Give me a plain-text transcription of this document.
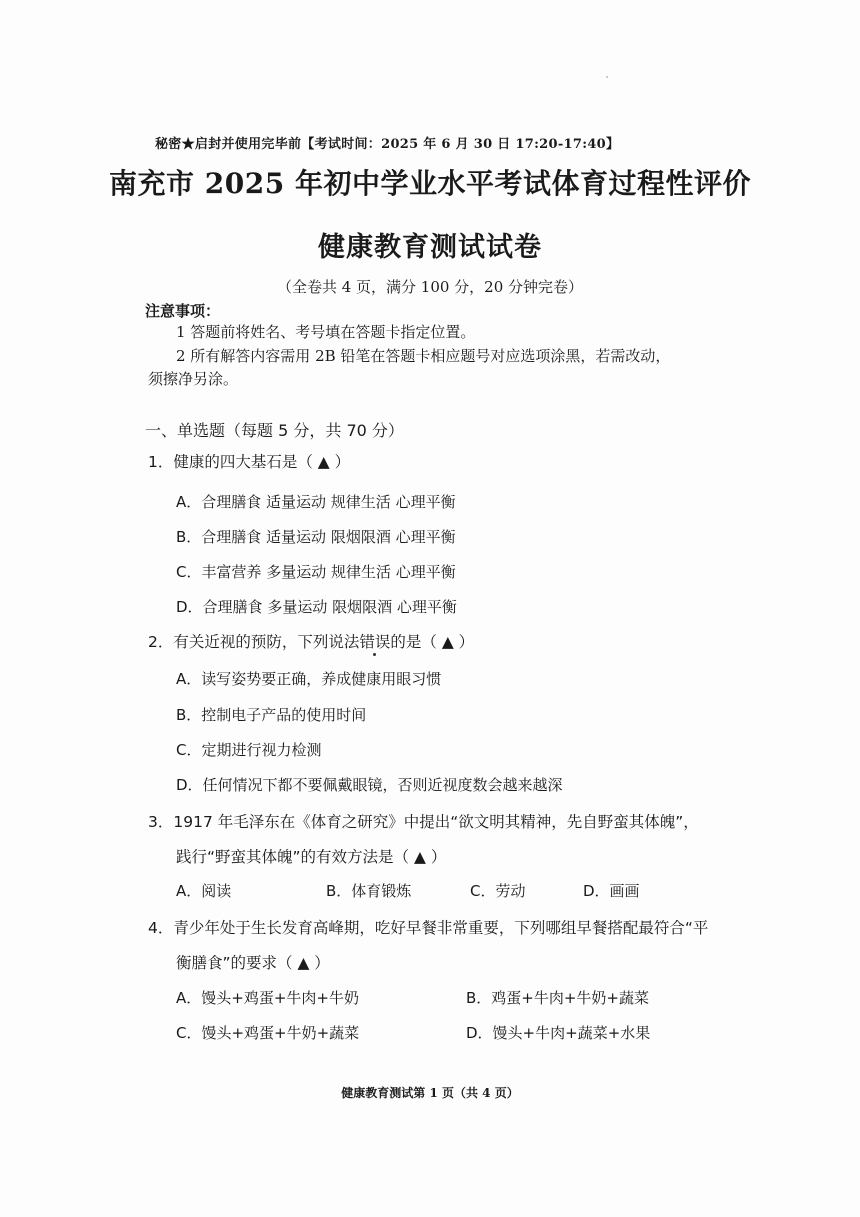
秘密★启封并使用完毕前【考试时间：2025 年 6 月 30 日 17:20-17:40】
南充市 2025 年初中学业水平考试体育过程性评价
健康教育测试试卷
（全卷共 4 页，满分 100 分，20 分钟完卷）
注意事项：
1 答题前将姓名、考号填在答题卡指定位置。
2 所有解答内容需用 2B 铅笔在答题卡相应题号对应选项涂黑，若需改动，
须擦净另涂。
一、单选题（每题 5 分，共 70 分）
1．健康的四大基石是（ ▲ ）
A．合理膳食 适量运动 规律生活 心理平衡
B．合理膳食 适量运动 限烟限酒 心理平衡
C．丰富营养 多量运动 规律生活 心理平衡
D．合理膳食 多量运动 限烟限酒 心理平衡
2．有关近视的预防，下列说法错误的是（ ▲ ）
A．读写姿势要正确，养成健康用眼习惯
B．控制电子产品的使用时间
C．定期进行视力检测
D．任何情况下都不要佩戴眼镜，否则近视度数会越来越深
3．1917 年毛泽东在《体育之研究》中提出“欲文明其精神，先自野蛮其体魄”，
践行“野蛮其体魄”的有效方法是（ ▲ ）
A．阅读	B．体育锻炼	C．劳动	D．画画
4．青少年处于生长发育高峰期，吃好早餐非常重要，下列哪组早餐搭配最符合“平
衡膳食”的要求（ ▲ ）
A．馒头+鸡蛋+牛肉+牛奶	B．鸡蛋+牛肉+牛奶+蔬菜
C．馒头+鸡蛋+牛奶+蔬菜	D．馒头+牛肉+蔬菜+水果
健康教育测试第 1 页（共 4 页）
